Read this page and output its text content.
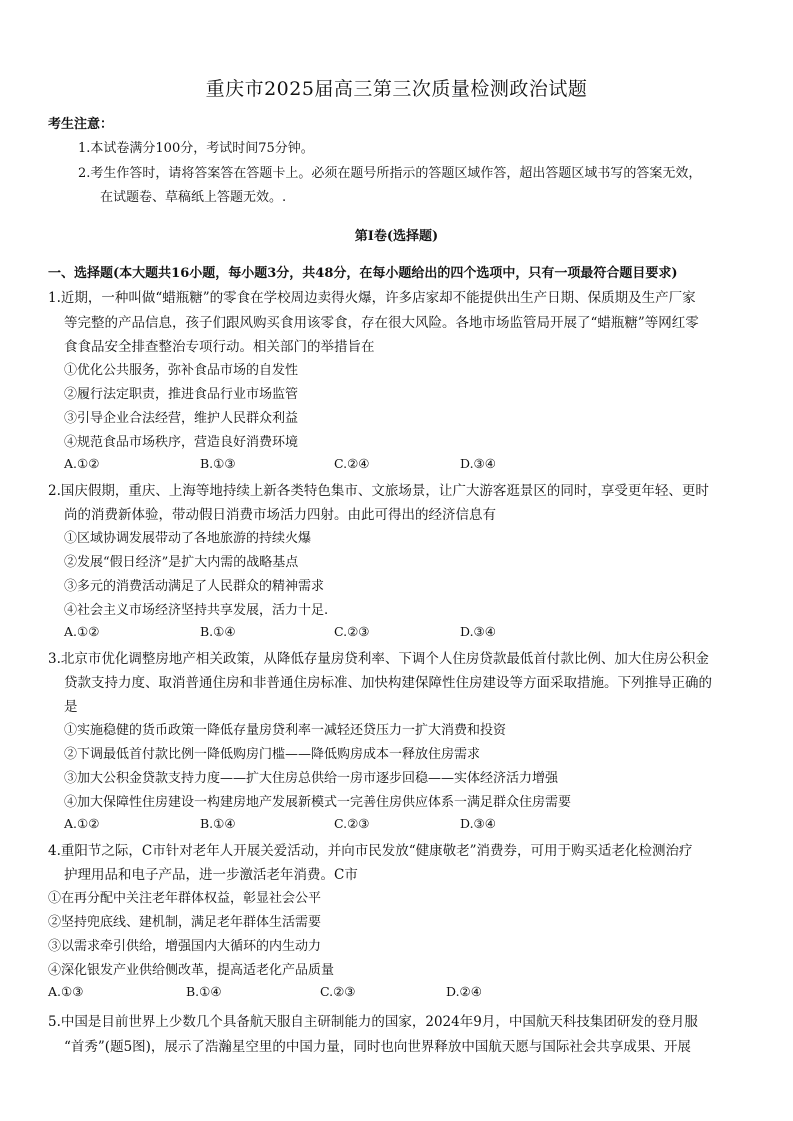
重庆市2025届高三第三次质量检测政治试题
考生注意：
1.本试卷满分100分，考试时间75分钟。
2.考生作答时，请将答案答在答题卡上。必须在题号所指示的答题区域作答，超出答题区域书写的答案无效，
在试题卷、草稿纸上答题无效。.
第Ⅰ卷(选择题)
一、选择题(本大题共16小题，每小题3分，共48分，在每小题给出的四个选项中，只有一项最符合题目要求)
1.近期，一种叫做“蜡瓶糖”的零食在学校周边卖得火爆，许多店家却不能提供出生产日期、保质期及生产厂家
等完整的产品信息，孩子们跟风购买食用该零食，存在很大风险。各地市场监管局开展了“蜡瓶糖”等网红零
食食品安全排查整治专项行动。相关部门的举措旨在
①优化公共服务，弥补食品市场的自发性
②履行法定职责，推进食品行业市场监管
③引导企业合法经营，维护人民群众利益
④规范食品市场秩序，营造良好消费环境
A.①②	B.①③	C.②④	D.③④
2.国庆假期，重庆、上海等地持续上新各类特色集市、文旅场景，让广大游客逛景区的同时，享受更年轻、更时
尚的消费新体验，带动假日消费市场活力四射。由此可得出的经济信息有
①区域协调发展带动了各地旅游的持续火爆
②发展“假日经济”是扩大内需的战略基点
③多元的消费活动满足了人民群众的精神需求
④社会主义市场经济坚持共享发展，活力十足.
A.①②	B.①④	C.②③	D.③④
3.北京市优化调整房地产相关政策，从降低存量房贷利率、下调个人住房贷款最低首付款比例、加大住房公积金
贷款支持力度、取消普通住房和非普通住房标准、加快构建保障性住房建设等方面采取措施。下列推导正确的
是
①实施稳健的货币政策一降低存量房贷利率一减轻还贷压力一扩大消费和投资
②下调最低首付款比例一降低购房门槛——降低购房成本一释放住房需求
③加大公积金贷款支持力度——扩大住房总供给一房市逐步回稳——实体经济活力增强
④加大保障性住房建设一构建房地产发展新模式一完善住房供应体系一满足群众住房需要
A.①②	B.①④	C.②③	D.③④
4.重阳节之际，C市针对老年人开展关爱活动，并向市民发放“健康敬老”消费券，可用于购买适老化检测治疗
护理用品和电子产品，进一步激活老年消费。C市
①在再分配中关注老年群体权益，彰显社会公平
②坚持兜底线、建机制，满足老年群体生活需要
③以需求牵引供给，增强国内大循环的内生动力
④深化银发产业供给侧改革，提高适老化产品质量
A.①③	B.①④	C.②③	D.②④
5.中国是目前世界上少数几个具备航天服自主研制能力的国家，2024年9月，中国航天科技集团研发的登月服
“首秀”(题5图)，展示了浩瀚星空里的中国力量，同时也向世界释放中国航天愿与国际社会共享成果、开展
